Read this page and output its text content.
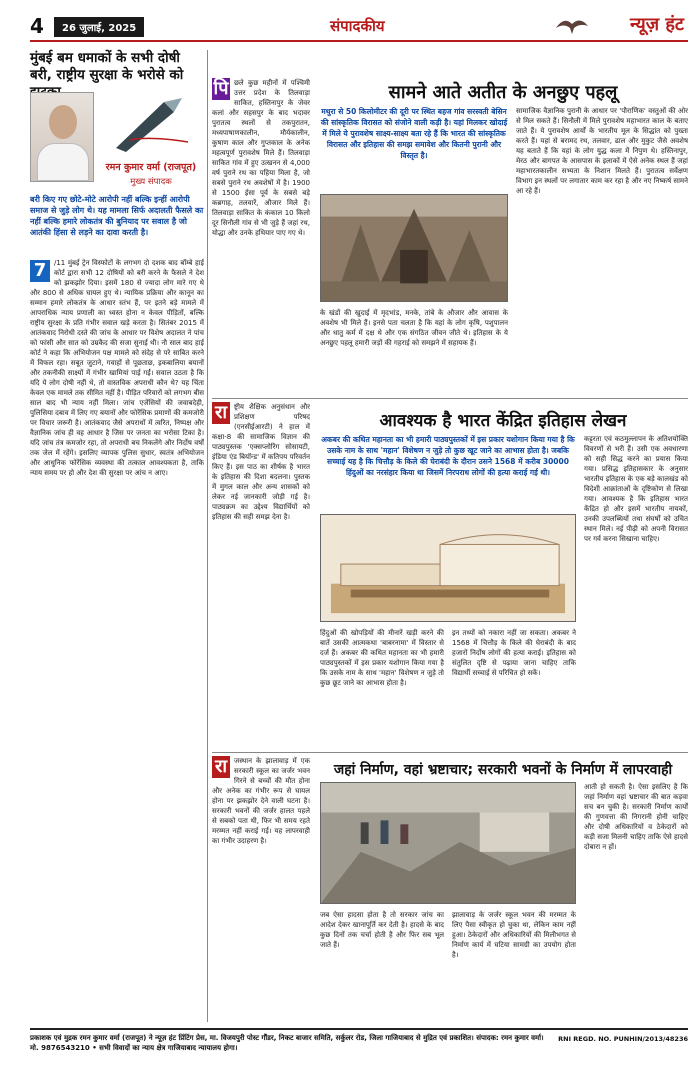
4	26 जुलाई, 2025	संपादकीय	न्यूज़ हंट
मुंबई बम धमाकों के सभी दोषी बरी, राष्ट्रीय सुरक्षा के भरोसे को
रमन कुमार वर्मा (राजपूत)
मुख्य संपादक
बरी किए गए छोटे-मोटे आरोपी नहीं बल्कि इन्हीं आरोपी समाज से जुड़े लोग थे। यह मामला सिर्फ अदालती फैसले का नहीं बल्कि हमारे लोकतंत्र की बुनियाद पर सवाल है जो आतंकी हिंसा से लड़ने का दावा करती है।
7	/11 मुंबई ट्रेन विस्फोटों के लगभग दो दशक बाद बॉम्बे हाई कोर्ट द्वारा सभी 12 दोषियों को बरी करने के फैसले ने देश को झकझोर दिया। इसमें 180 से ज्यादा लोग मारे गए थे और 800 से अधिक घायल हुए थे। न्यायिक प्रक्रिया और कानून का सम्मान हमारे लोकतंत्र के आधार स्तंभ हैं, पर इतने बड़े मामले में आपराधिक न्याय प्रणाली का ध्वस्त होना न केवल पीड़ितों, बल्कि राष्ट्रीय सुरक्षा के प्रति गंभीर सवाल खड़े करता है। सितंबर 2015 में आतंकवाद निरोधी दस्ते की जांच के आधार पर विशेष अदालत ने पांच को फांसी और सात को उम्रकैद की सजा सुनाई थी। नौ साल बाद हाई कोर्ट ने कहा कि अभियोजन पक्ष मामले को संदेह से परे साबित करने में विफल रहा। सबूत जुटाने, गवाहों से पूछताछ, इकबालिया बयानों और तकनीकी साक्ष्यों में गंभीर खामियां पाई गईं। सवाल उठता है कि यदि ये लोग दोषी नहीं थे, तो वास्तविक अपराधी कौन थे? यह चिंता केवल एक मामले तक सीमित नहीं है। पीड़ित परिवारों को लगभग बीस साल बाद भी न्याय नहीं मिला। जांच एजेंसियों की जवाबदेही, पुलिसिया दबाव में लिए गए बयानों और फोरेंसिक प्रमाणों की कमजोरी पर विचार जरूरी है। आतंकवाद जैसे अपराधों में त्वरित, निष्पक्ष और वैज्ञानिक जांच ही वह आधार है जिस पर जनता का भरोसा टिका है। यदि जांच तंत्र कमजोर रहा, तो अपराधी बच निकलेंगे और निर्दोष वर्षों तक जेल में रहेंगे। इसलिए व्यापक पुलिस सुधार, स्वतंत्र अभियोजन और आधुनिक फोरेंसिक व्यवस्था की तत्काल आवश्यकता है, ताकि न्याय समय पर हो और देश की सुरक्षा पर आंच न आए।
पि छले कुछ महीनों में पश्चिमी उत्तर प्रदेश के तिलवाड़ा साकित, हस्तिनापुर के जेवर कलां और सहसपुर के बाद भदावर पुरातत्व स्थलों से तकपुरातन, मध्यपाषाणकालीन, मौर्यकालीन, कुषाण काल और गुप्तकाल के अनेक महत्वपूर्ण पुरावशेष मिले हैं। तिलवाड़ा साकित गांव में हुए उत्खनन से 4,000 वर्ष पुराने रथ का पहिया मिला है, जो सबसे पुराने रथ अवशेषों में है। 1900 से 1500 ईसा पूर्व के सबसे बड़े कब्रगाह, तलवारें, औजार मिले हैं। तिलवाड़ा साकित के कंकाल 10 किलो दूर सिनौली गांव से भी जुड़े हैं जहां रथ, योद्धा और उनके हथियार पाए गए थे।
सामने आते अतीत के अनछुए पहलू
मथुरा से 50 किलोमीटर की दूरी पर स्थित बहज गांव सरस्वती बेसिन की सांस्कृतिक विरासत को संजोने वाली कड़ी है। यहां मिलकर खोदाई में मिले ये पुरावशेष साक्ष्य-साक्ष्य बता रहे हैं कि भारत की सांस्कृतिक विरासत और इतिहास की समझ समावेश और कितनी पुरानी और विस्तृत है।
के खंडों की खुदाई में मृदभांड, मनके, तांबे के औजार और आवास के अवशेष भी मिले हैं। इनसे पता चलता है कि यहां के लोग कृषि, पशुपालन और धातु कर्म में दक्ष थे और एक संगठित जीवन जीते थे। इतिहास के ये अनछुए पहलू हमारी जड़ों की गहराई को समझने में सहायक हैं।
सामाजिक वैज्ञानिक पुरानी के आधार पर 'पौराणिक' वस्तुओं की ओर से मिल सकते हैं। सिनौली में मिले पुरावशेष महाभारत काल के बताए जाते हैं। ये पुरावशेष आर्यों के भारतीय मूल के सिद्धांत को पुख्ता करते हैं। यहां से बरामद रथ, तलवार, ढाल और मुकुट जैसे अवशेष यह बताते हैं कि यहां के लोग युद्ध कला में निपुण थे। हस्तिनापुर, मेरठ और बागपत के आसपास के इलाकों में ऐसे अनेक स्थल हैं जहां महाभारतकालीन सभ्यता के निशान मिलते हैं। पुरातत्व सर्वेक्षण विभाग इन स्थलों पर लगातार काम कर रहा है और नए निष्कर्ष सामने आ रहे हैं।
रा ष्ट्रीय शैक्षिक अनुसंधान और प्रशिक्षण परिषद (एनसीईआरटी) ने हाल में कक्षा-8 की सामाजिक विज्ञान की पाठ्यपुस्तक 'एक्सप्लोरिंग सोसायटी, इंडिया एंड बियॉन्ड' में कतिपय परिवर्तन किए हैं। इस पाठ का शीर्षक है भारत के इतिहास की दिशा बदलना। पुस्तक में मुगल काल और अन्य शासकों को लेकर नई जानकारी जोड़ी गई है। पाठ्यक्रम का उद्देश्य विद्यार्थियों को इतिहास की सही समझ देना है।
आवश्यक है भारत केंद्रित इतिहास लेखन
अकबर की कथित महानता का भी हमारी पाठ्यपुस्तकों में इस प्रकार यशोगान किया गया है कि उसके नाम के साथ 'महान' विशेषण न जुड़े तो कुछ खूट जाने का आभास होता है। जबकि सच्चाई यह है कि चित्तौड़ के किले की घेराबंदी के दौरान उसने 1568 में करीब 30000 हिंदुओं का नरसंहार किया था जिसमें निरपराध लोगों की हत्या कराई गई थी।
हिंदुओं की खोपड़ियों की मीनारें खड़ी करने की बातें उसकी आत्मकथा 'बाबरनामा' में विस्तार से दर्ज हैं। अकबर की कथित महानता का भी हमारी पाठ्यपुस्तकों में इस प्रकार यशोगान किया गया है कि उसके नाम के साथ 'महान' विशेषण न जुड़े तो कुछ छूट जाने का आभास होता है।
इन तथ्यों को नकारा नहीं जा सकता। अकबर ने 1568 में चित्तौड़ के किले की घेराबंदी के बाद हजारों निर्दोष लोगों की हत्या कराई। इतिहास को संतुलित दृष्टि से पढ़ाया जाना चाहिए ताकि विद्यार्थी सच्चाई से परिचित हो सकें।
कट्टरता एवं कठमुल्लापन के अतिशयोक्ति विवरणों से भरी हैं। उसी एक अवधारणा को सही सिद्ध करने का प्रयास किया गया। प्रसिद्ध इतिहासकार के अनुसार भारतीय इतिहास के एक बड़े कालखंड को विदेशी आक्रांताओं के दृष्टिकोण से लिखा गया। आवश्यक है कि इतिहास भारत केंद्रित हो और इसमें भारतीय नायकों, उनकी उपलब्धियों तथा संघर्षों को उचित स्थान मिले। नई पीढ़ी को अपनी विरासत पर गर्व करना सिखाना चाहिए।
रा जस्थान के झालावाड़ में एक सरकारी स्कूल का जर्जर भवन गिरने से बच्चों की मौत होना और अनेक का गंभीर रूप से घायल होना पर झकझोर देने वाली घटना है। सरकारी भवनों की जर्जर हालत पहले से सबको पता थी, फिर भी समय रहते मरम्मत नहीं कराई गई। यह लापरवाही का गंभीर उदाहरण है।
जहां निर्माण, वहां भ्रष्टाचार; सरकारी भवनों के निर्माण में लापरवाही
जब ऐसा हादसा होता है तो सरकार जांच का आदेश देकर खानापूर्ति कर देती है। हादसे के बाद कुछ दिनों तक चर्चा होती है और फिर सब भूल जाते हैं।
झालावाड़ के जर्जर स्कूल भवन की मरम्मत के लिए पैसा स्वीकृत हो चुका था, लेकिन काम नहीं हुआ। ठेकेदारों और अधिकारियों की मिलीभगत से निर्माण कार्य में घटिया सामग्री का उपयोग होता है।
आती हो सकती है। ऐसा इसलिए है कि जहां निर्माण वहां भ्रष्टाचार की बात कड़वा सच बन चुकी है। सरकारी निर्माण कार्यों की गुणवत्ता की निगरानी होनी चाहिए और दोषी अधिकारियों व ठेकेदारों को कड़ी सजा मिलनी चाहिए ताकि ऐसे हादसे दोबारा न हों।
प्रकाशक एवं मुद्रक रमन कुमार वर्मा (राजपूत) ने न्यूज़ हंट प्रिंटिंग प्रेस, मा. विजयपुरी पोस्ट गौंडर, निकट बाजार समिति, सर्कुलर रोड, जिला गाजियाबाद से मुद्रित एवं प्रकाशित। संपादक: रमन कुमार वर्मा। मो. 9876543210 • सभी विवादों का न्याय क्षेत्र गाजियाबाद न्यायालय होगा।
RNI REGD. NO. PUNHIN/2013/48236
